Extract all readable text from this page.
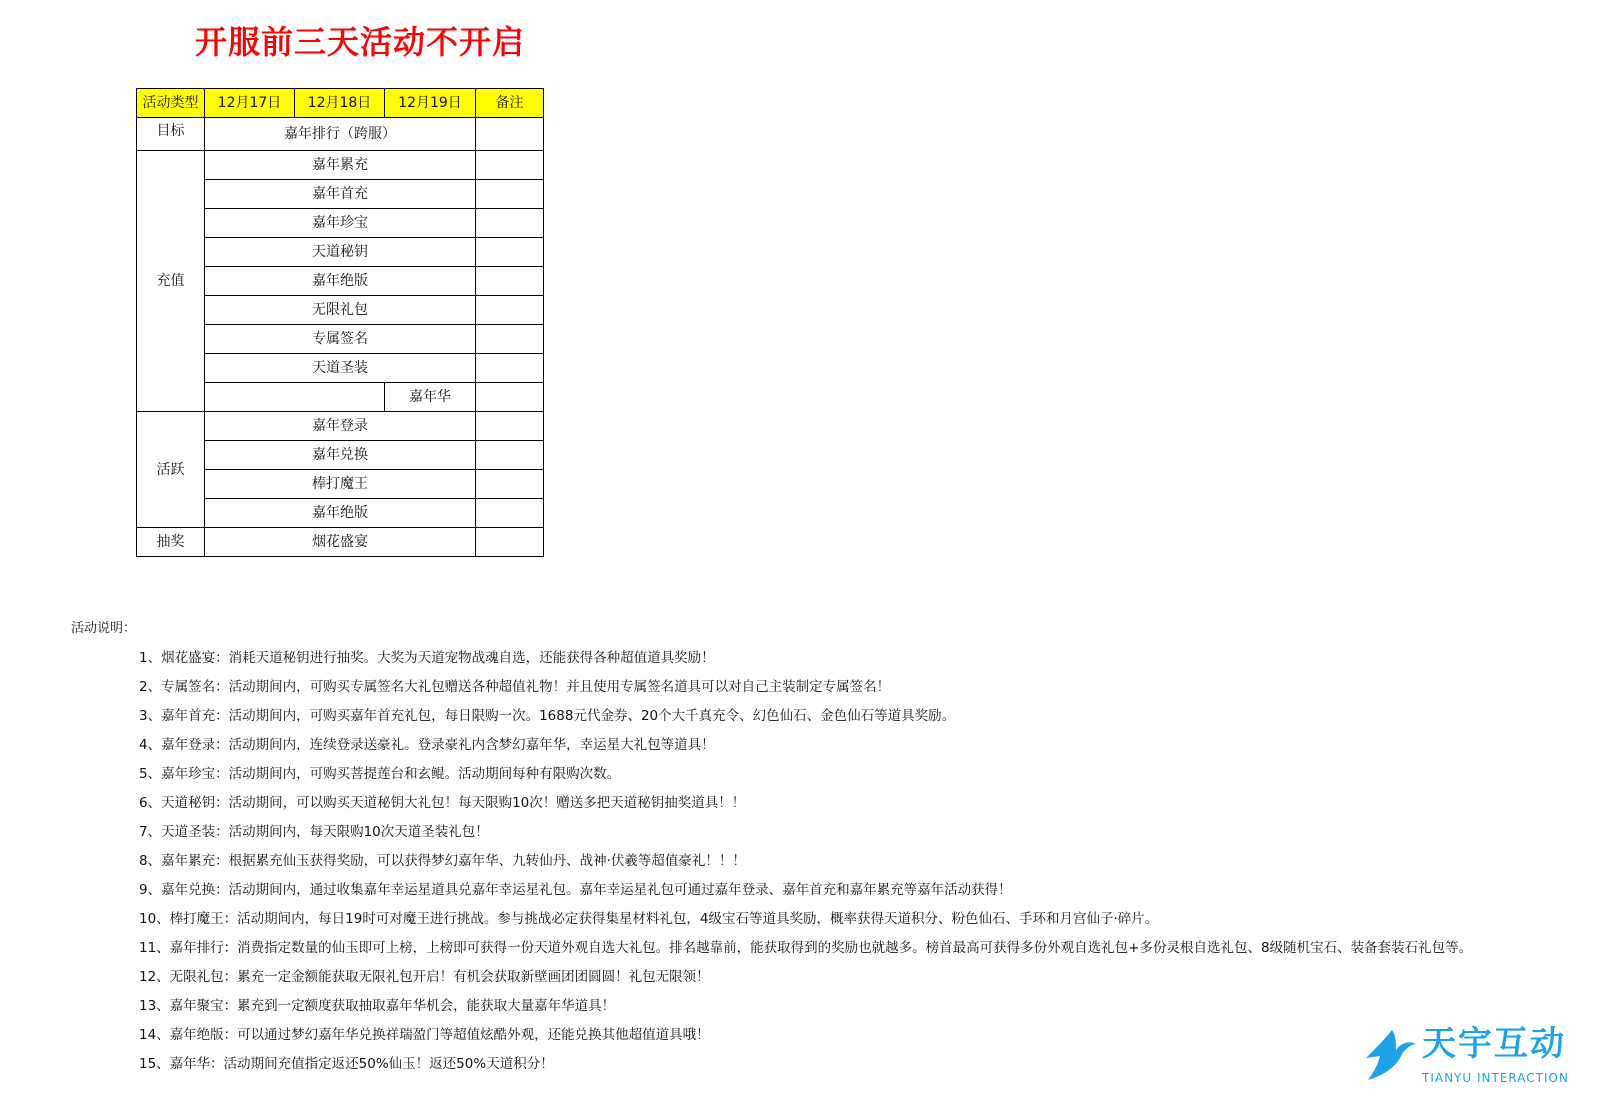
开服前三天活动不开启
活动类型	12月17日	12月18日	12月19日	备注
目标	嘉年排行（跨服）			
充值	嘉年累充			
	嘉年首充			
	嘉年珍宝			
	天道秘钥			
	嘉年绝版			
	无限礼包			
	专属签名			
	天道圣装			
			嘉年华	
活跃	嘉年登录			
	嘉年兑换			
	棒打魔王			
	嘉年绝版			
抽奖	烟花盛宴			
活动说明：
1、烟花盛宴：消耗天道秘钥进行抽奖。大奖为天道宠物战魂自选，还能获得各种超值道具奖励！
2、专属签名：活动期间内，可购买专属签名大礼包赠送各种超值礼物！并且使用专属签名道具可以对自己主装制定专属签名！
3、嘉年首充：活动期间内，可购买嘉年首充礼包，每日限购一次。1688元代金券、20个大千真充令、幻色仙石、金色仙石等道具奖励。
4、嘉年登录：活动期间内，连续登录送豪礼。登录豪礼内含梦幻嘉年华，幸运星大礼包等道具！
5、嘉年珍宝：活动期间内，可购买菩提莲台和玄鲲。活动期间每种有限购次数。
6、天道秘钥：活动期间，可以购买天道秘钥大礼包！每天限购10次！赠送多把天道秘钥抽奖道具！！
7、天道圣装：活动期间内，每天限购10次天道圣装礼包！
8、嘉年累充：根据累充仙玉获得奖励，可以获得梦幻嘉年华、九转仙丹、战神·伏羲等超值豪礼！！！
9、嘉年兑换：活动期间内，通过收集嘉年幸运星道具兑嘉年幸运星礼包。嘉年幸运星礼包可通过嘉年登录、嘉年首充和嘉年累充等嘉年活动获得！
10、棒打魔王：活动期间内，每日19时可对魔王进行挑战。参与挑战必定获得集星材料礼包，4级宝石等道具奖励，概率获得天道积分、粉色仙石、手环和月宫仙子·碎片。
11、嘉年排行：消费指定数量的仙玉即可上榜，上榜即可获得一份天道外观自选大礼包。排名越靠前，能获取得到的奖励也就越多。榜首最高可获得多份外观自选礼包+多份灵根自选礼包、8级随机宝石、装备套装石礼包等。
12、无限礼包：累充一定金额能获取无限礼包开启！有机会获取新壁画团团圆圆！礼包无限领！
13、嘉年聚宝：累充到一定额度获取抽取嘉年华机会，能获取大量嘉年华道具！
14、嘉年绝版：可以通过梦幻嘉年华兑换祥瑞盈门等超值炫酷外观，还能兑换其他超值道具哦！
15、嘉年华：活动期间充值指定返还50%仙玉！返还50%天道积分！	天宇互动
TIANYU INTERACTION
